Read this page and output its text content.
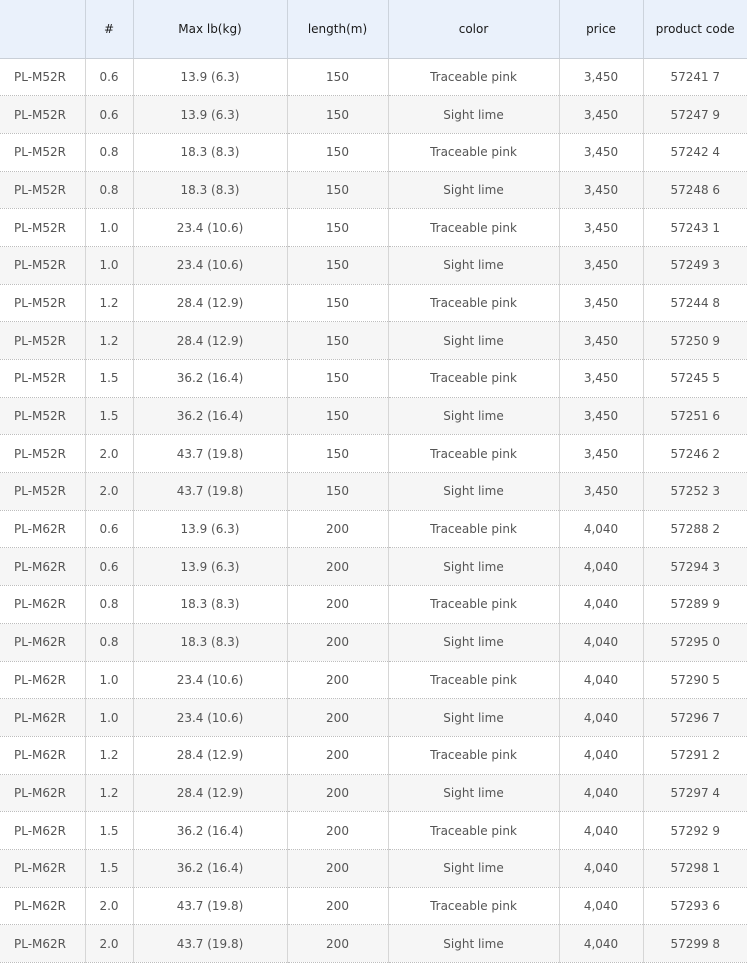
	#	Max lb(kg)	length(m)	color	price	product code
PL-M52R	0.6	13.9 (6.3)	150	Traceable pink	3,450	57241 7
PL-M52R	0.6	13.9 (6.3)	150	Sight lime	3,450	57247 9
PL-M52R	0.8	18.3 (8.3)	150	Traceable pink	3,450	57242 4
PL-M52R	0.8	18.3 (8.3)	150	Sight lime	3,450	57248 6
PL-M52R	1.0	23.4 (10.6)	150	Traceable pink	3,450	57243 1
PL-M52R	1.0	23.4 (10.6)	150	Sight lime	3,450	57249 3
PL-M52R	1.2	28.4 (12.9)	150	Traceable pink	3,450	57244 8
PL-M52R	1.2	28.4 (12.9)	150	Sight lime	3,450	57250 9
PL-M52R	1.5	36.2 (16.4)	150	Traceable pink	3,450	57245 5
PL-M52R	1.5	36.2 (16.4)	150	Sight lime	3,450	57251 6
PL-M52R	2.0	43.7 (19.8)	150	Traceable pink	3,450	57246 2
PL-M52R	2.0	43.7 (19.8)	150	Sight lime	3,450	57252 3
PL-M62R	0.6	13.9 (6.3)	200	Traceable pink	4,040	57288 2
PL-M62R	0.6	13.9 (6.3)	200	Sight lime	4,040	57294 3
PL-M62R	0.8	18.3 (8.3)	200	Traceable pink	4,040	57289 9
PL-M62R	0.8	18.3 (8.3)	200	Sight lime	4,040	57295 0
PL-M62R	1.0	23.4 (10.6)	200	Traceable pink	4,040	57290 5
PL-M62R	1.0	23.4 (10.6)	200	Sight lime	4,040	57296 7
PL-M62R	1.2	28.4 (12.9)	200	Traceable pink	4,040	57291 2
PL-M62R	1.2	28.4 (12.9)	200	Sight lime	4,040	57297 4
PL-M62R	1.5	36.2 (16.4)	200	Traceable pink	4,040	57292 9
PL-M62R	1.5	36.2 (16.4)	200	Sight lime	4,040	57298 1
PL-M62R	2.0	43.7 (19.8)	200	Traceable pink	4,040	57293 6
PL-M62R	2.0	43.7 (19.8)	200	Sight lime	4,040	57299 8
